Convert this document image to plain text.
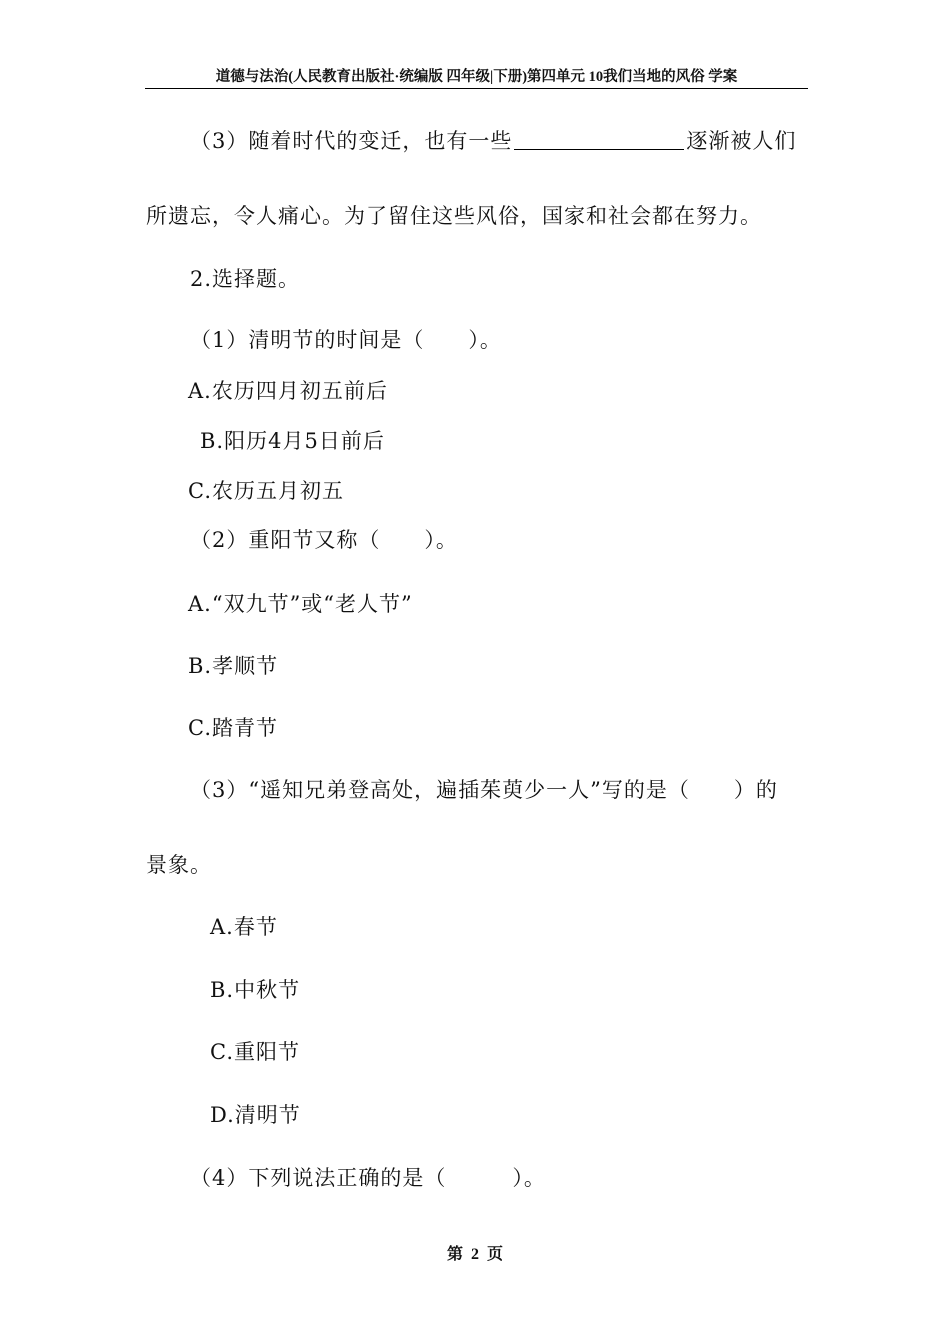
道德与法治(人民教育出版社·统编版 四年级|下册)第四单元 10我们当地的风俗 学案
（3）随着时代的变迁，也有一些	逐渐被人们
所遗忘，令人痛心。为了留住这些风俗，国家和社会都在努力。
2.选择题。
（1）清明节的时间是（　　）。
A.农历四月初五前后
B.阳历4月5日前后
C.农历五月初五
（2）重阳节又称（　　）。
A.“双九节”或“老人节”
B.孝顺节
C.踏青节
（3）“遥知兄弟登高处，遍插茱萸少一人”写的是（　　）的
景象。
A.春节
B.中秋节
C.重阳节
D.清明节
（4）下列说法正确的是（　　　）。
第 2 页
